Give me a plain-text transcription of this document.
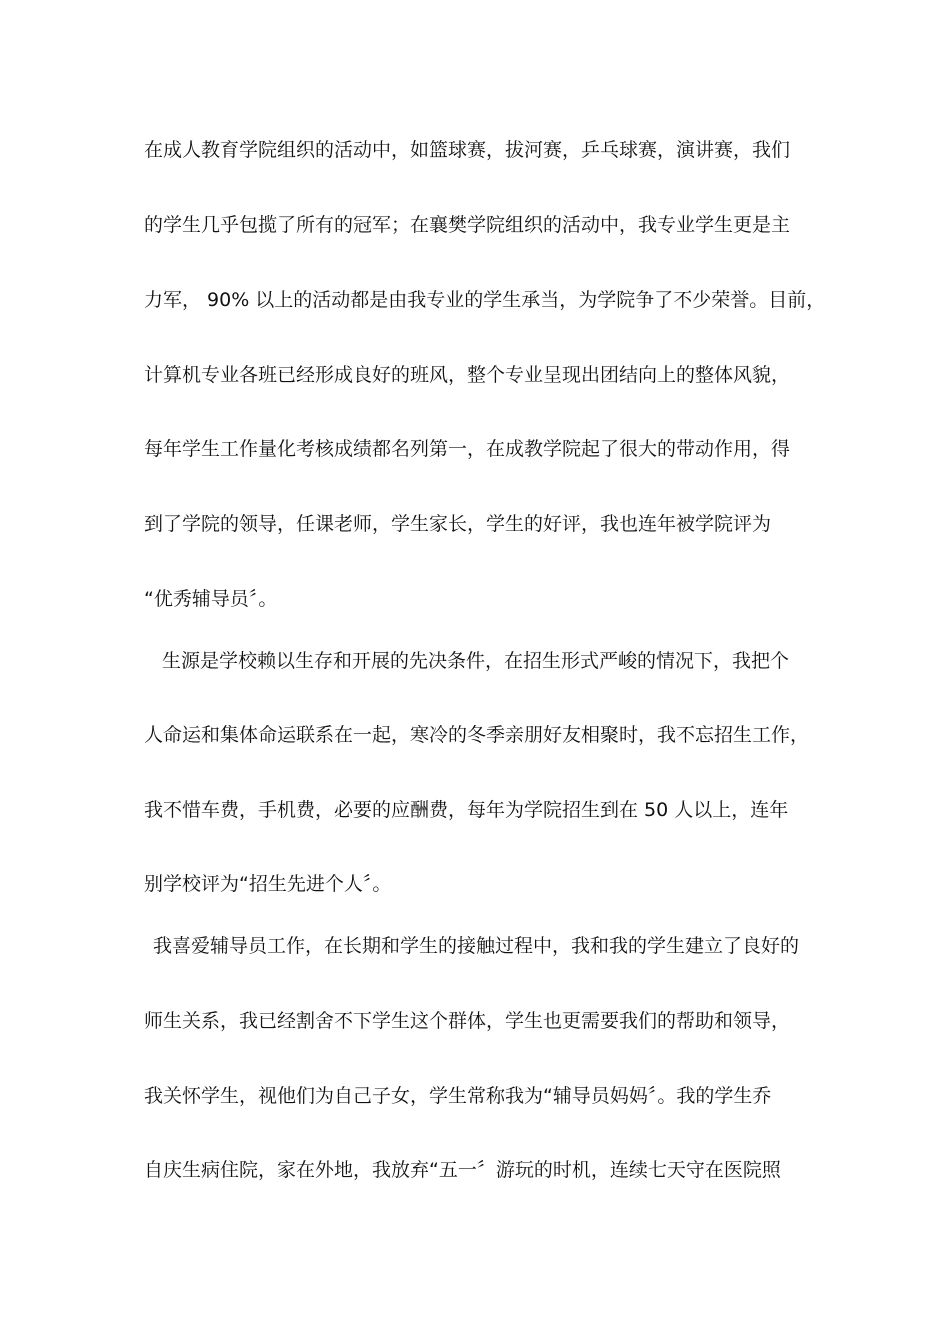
在成人教育学院组织的活动中，如篮球赛，拔河赛，乒乓球赛，演讲赛，我们
的学生几乎包揽了所有的冠军；在襄樊学院组织的活动中，我专业学生更是主
力军， 90% 以上的活动都是由我专业的学生承当，为学院争了不少荣誉。目前，
计算机专业各班已经形成良好的班风，整个专业呈现出团结向上的整体风貌，
每年学生工作量化考核成绩都名列第一，在成教学院起了很大的带动作用，得
到了学院的领导，任课老师，学生家长，学生的好评，我也连年被学院评为
“优秀辅导员〞。
生源是学校赖以生存和开展的先决条件，在招生形式严峻的情况下，我把个
人命运和集体命运联系在一起，寒冷的冬季亲朋好友相聚时，我不忘招生工作，
我不惜车费，手机费，必要的应酬费，每年为学院招生到在 50 人以上，连年
别学校评为“招生先进个人〞。
我喜爱辅导员工作，在长期和学生的接触过程中，我和我的学生建立了良好的
师生关系，我已经割舍不下学生这个群体，学生也更需要我们的帮助和领导，
我关怀学生，视他们为自己子女，学生常称我为“辅导员妈妈〞。我的学生乔
自庆生病住院，家在外地，我放弃“五一〞游玩的时机，连续七天守在医院照
